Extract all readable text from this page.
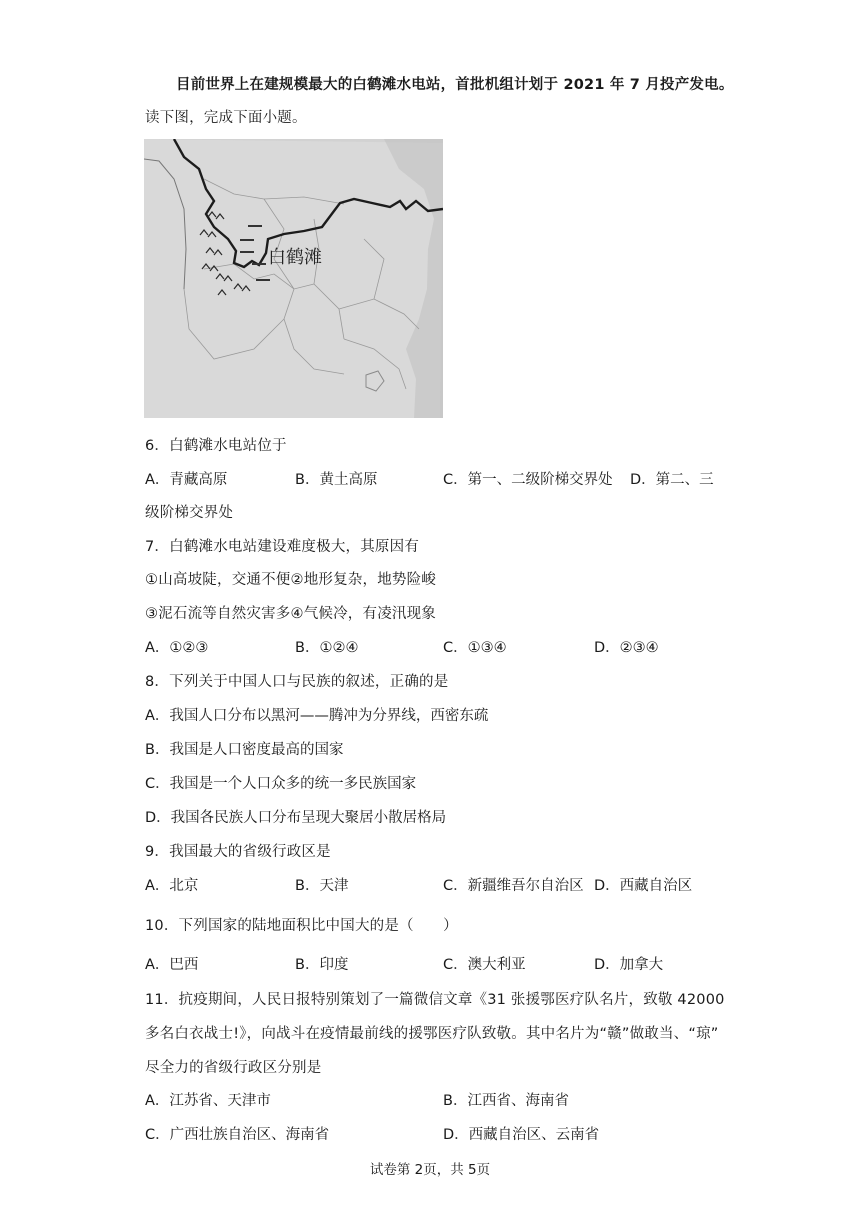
目前世界上在建规模最大的白鹤滩水电站，首批机组计划于 2021 年 7 月投产发电。
读下图，完成下面小题。
白鹤滩
6．白鹤滩水电站位于
A．青藏高原	B．黄土高原	C．第一、二级阶梯交界处 D．第二、三
级阶梯交界处
7．白鹤滩水电站建设难度极大，其原因有
①山高坡陡，交通不便②地形复杂，地势险峻
③泥石流等自然灾害多④气候冷，有凌汛现象
A．①②③	B．①②④	C．①③④	D．②③④
8．下列关于中国人口与民族的叙述，正确的是
A．我国人口分布以黑河——腾冲为分界线，西密东疏
B．我国是人口密度最高的国家
C．我国是一个人口众多的统一多民族国家
D．我国各民族人口分布呈现大聚居小散居格局
9．我国最大的省级行政区是
A．北京	B．天津	C．新疆维吾尔自治区 D．西藏自治区
10．下列国家的陆地面积比中国大的是（　　）
A．巴西	B．印度	C．澳大利亚	D．加拿大
11．抗疫期间，人民日报特别策划了一篇微信文章《31 张援鄂医疗队名片，致敬 42000
多名白衣战士!》，向战斗在疫情最前线的援鄂医疗队致敬。其中名片为“赣”做敢当、“琼”
尽全力的省级行政区分别是
A．江苏省、天津市	B．江西省、海南省
C．广西壮族自治区、海南省	D．西藏自治区、云南省
试卷第 2页，共 5页
